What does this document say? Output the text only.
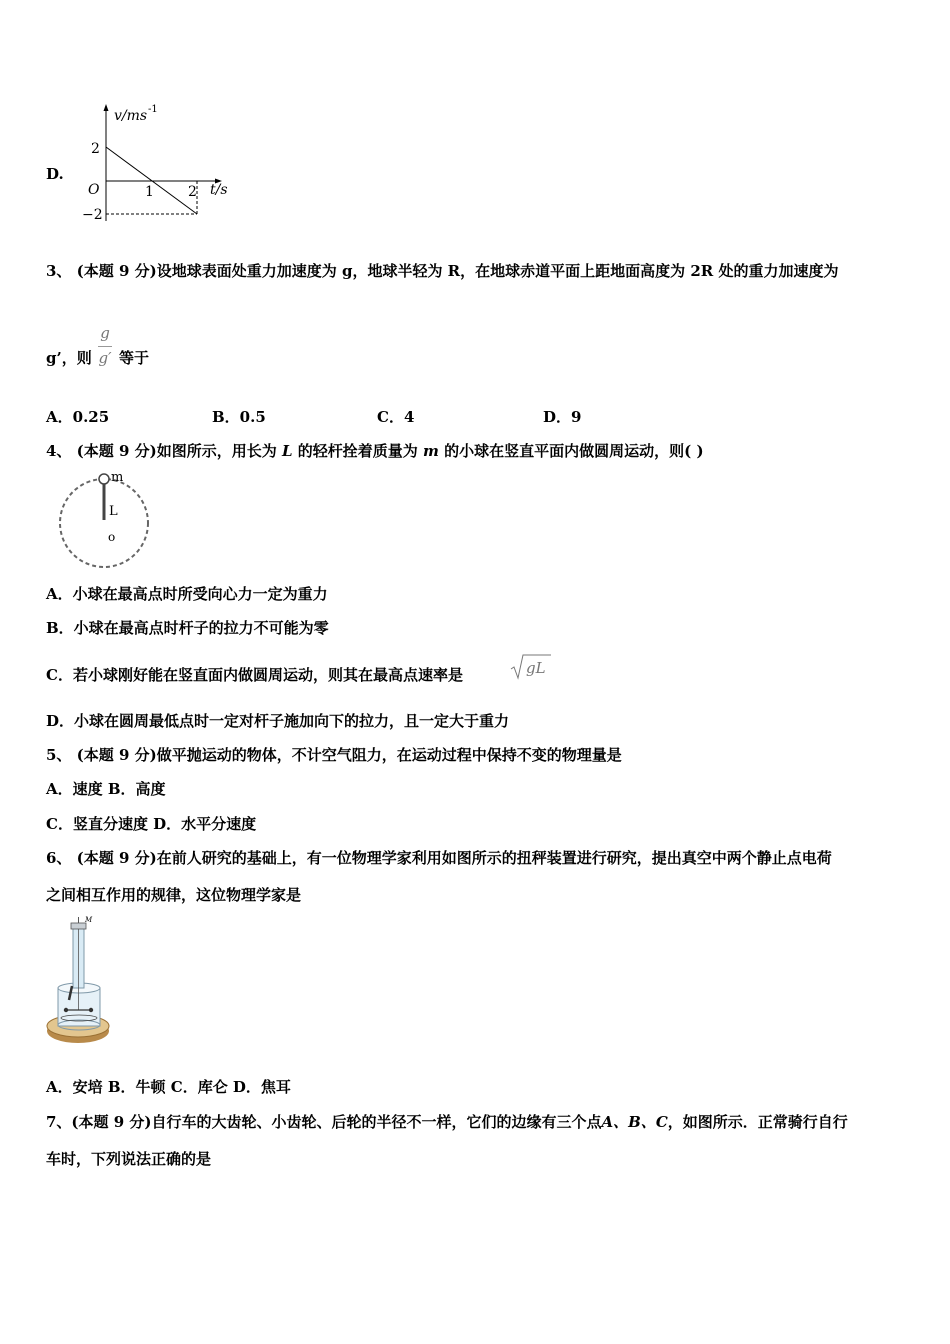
D.
v/ms -1
t/s
O
2
−2
1 2
3、 (本题 9 分)设地球表面处重力加速度为 g，地球半轻为 R，在地球赤道平面上距地面高度为 2R 处的重力加速度为
g’，则
g
g′ 等于
A．0.25	B．0.5	C．4	D．9
4、 (本题 9 分)如图所示，用长为 L 的轻杆拴着质量为 m 的小球在竖直平面内做圆周运动，则( )
m
L
o
A．小球在最高点时所受向心力一定为重力
B．小球在最高点时杆子的拉力不可能为零
C．若小球刚好能在竖直面内做圆周运动，则其在最高点速率是	gL
D．小球在圆周最低点时一定对杆子施加向下的拉力，且一定大于重力
5、 (本题 9 分)做平抛运动的物体，不计空气阻力，在运动过程中保持不变的物理量是
A．速度 B．高度
C．竖直分速度 D．水平分速度
6、 (本题 9 分)在前人研究的基础上，有一位物理学家利用如图所示的扭秤装置进行研究，提出真空中两个静止点电荷
之间相互作用的规律，这位物理学家是
M
A．安培 B．牛顿 C．库仑 D．焦耳
7、(本题 9 分)自行车的大齿轮、小齿轮、后轮的半径不一样，它们的边缘有三个点A、B、C，如图所示．正常骑行自行
车时，下列说法正确的是
